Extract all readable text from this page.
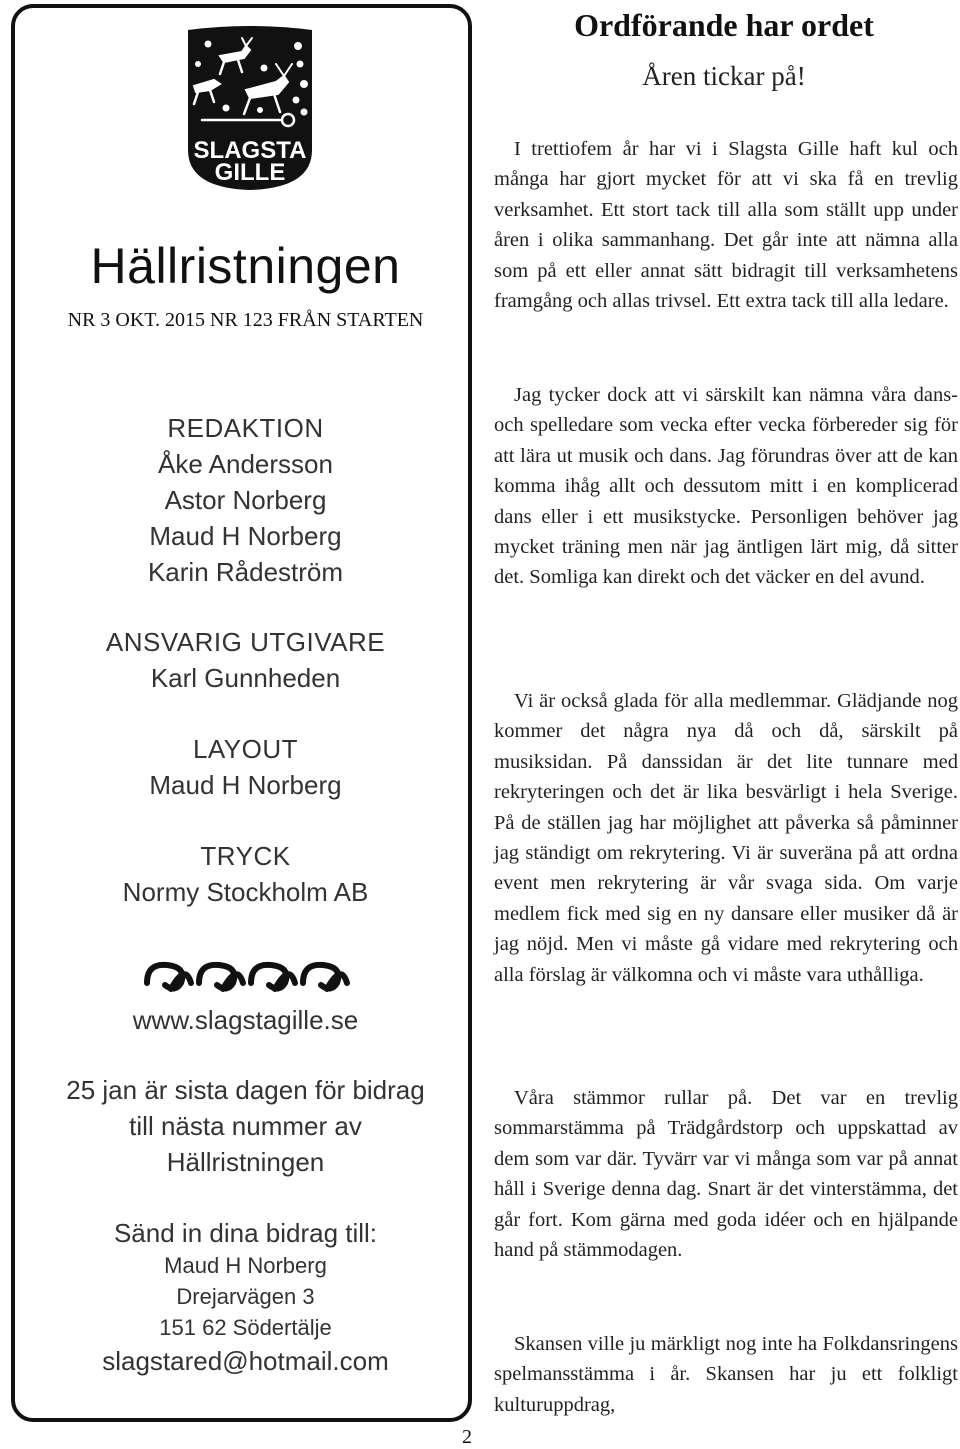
SLAGSTA
GILLE
Hällristningen
NR 3 OKT. 2015 NR 123 FRÅN STARTEN
REDAKTION
Åke Andersson
Astor Norberg
Maud H Norberg
Karin Rådeström
ANSVARIG UTGIVARE
Karl Gunnheden
LAYOUT
Maud H Norberg
TRYCK
Normy Stockholm AB
www.slagstagille.se
25 jan är sista dagen för bidrag
till nästa nummer av
Hällristningen
Sänd in dina bidrag till:
Maud H Norberg
Drejarvägen 3
151 62 Södertälje
slagstared@hotmail.com
2
Ordförande har ordet
Åren tickar på!

I trettiofem år har vi i Slagsta Gille haft kul och många har gjort mycket för att vi ska få en trevlig verksamhet. Ett stort tack till alla som ställt upp under åren i olika sammanhang. Det går inte att nämna alla som på ett eller annat sätt bidragit till verksamhetens framgång och allas trivsel. Ett extra tack till alla ledare.

Jag tycker dock att vi särskilt kan nämna våra dans- och spelledare som vecka efter vecka förbereder sig för att lära ut musik och dans. Jag förundras över att de kan komma ihåg allt och dessutom mitt i en komplicerad dans eller i ett musikstycke. Personligen behöver jag mycket träning men när jag äntligen lärt mig, då sitter det. Somliga kan direkt och det väcker en del avund.

Vi är också glada för alla medlemmar. Glädjande nog kommer det några nya då och då, särskilt på musiksidan. På danssidan är det lite tunnare med rekryteringen och det är lika besvärligt i hela Sverige. På de ställen jag har möjlighet att påverka så påminner jag ständigt om rekrytering. Vi är suveräna på att ordna event men rekrytering är vår svaga sida. Om varje medlem fick med sig en ny dansare eller musiker då är jag nöjd. Men vi måste gå vidare med rekrytering och alla förslag är välkomna och vi måste vara uthålliga.

Våra stämmor rullar på. Det var en trevlig sommarstämma på Trädgårdstorp och uppskattad av dem som var där. Tyvärr var vi många som var på annat håll i Sverige denna dag. Snart är det vinterstämma, det går fort. Kom gärna med goda idéer och en hjälpande hand på stämmodagen.

Skansen ville ju märkligt nog inte ha Folkdansringens spelmansstämma i år. Skansen har ju ett folkligt kulturuppdrag,
